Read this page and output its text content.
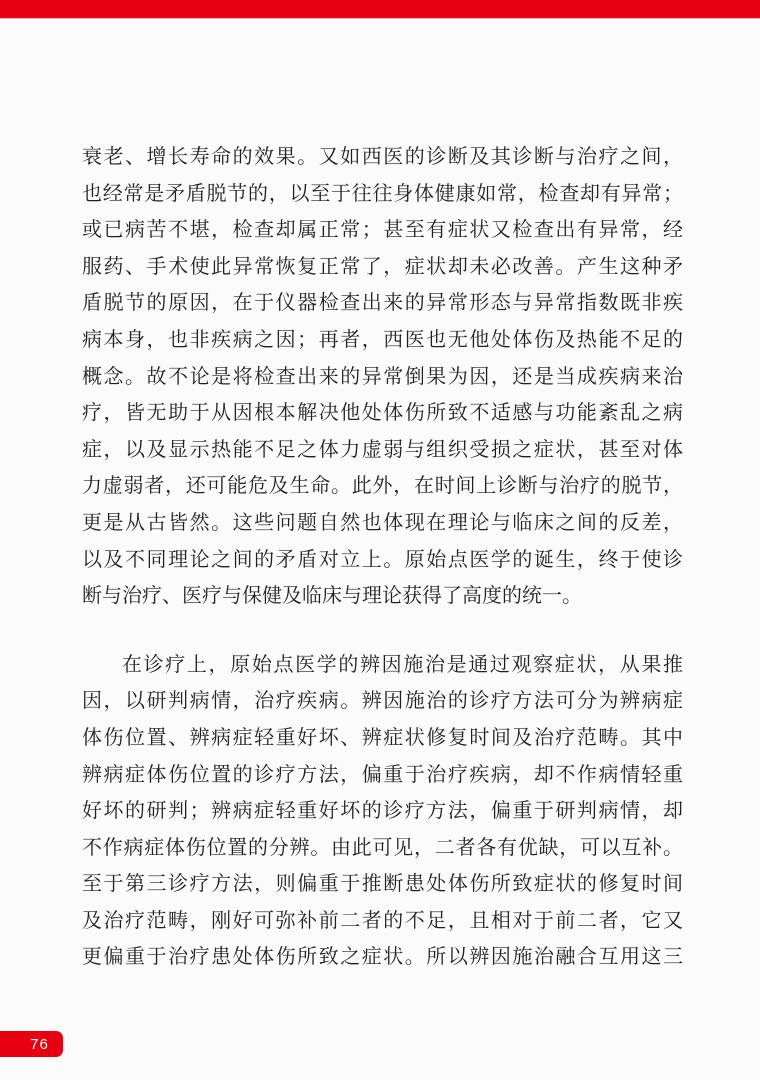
衰老、增长寿命的效果。又如西医的诊断及其诊断与治疗之间，
也经常是矛盾脱节的，以至于往往身体健康如常，检查却有异常；
或已病苦不堪，检查却属正常；甚至有症状又检查出有异常，经
服药、手术使此异常恢复正常了，症状却未必改善。产生这种矛
盾脱节的原因，在于仪器检查出来的异常形态与异常指数既非疾
病本身，也非疾病之因；再者，西医也无他处体伤及热能不足的
概念。故不论是将检查出来的异常倒果为因，还是当成疾病来治
疗，皆无助于从因根本解决他处体伤所致不适感与功能紊乱之病
症，以及显示热能不足之体力虚弱与组织受损之症状，甚至对体
力虚弱者，还可能危及生命。此外，在时间上诊断与治疗的脱节，
更是从古皆然。这些问题自然也体现在理论与临床之间的反差，
以及不同理论之间的矛盾对立上。原始点医学的诞生，终于使诊
断与治疗、医疗与保健及临床与理论获得了高度的统一。
在诊疗上，原始点医学的辨因施治是通过观察症状，从果推
因，以研判病情，治疗疾病。辨因施治的诊疗方法可分为辨病症
体伤位置、辨病症轻重好坏、辨症状修复时间及治疗范畴。其中
辨病症体伤位置的诊疗方法，偏重于治疗疾病，却不作病情轻重
好坏的研判；辨病症轻重好坏的诊疗方法，偏重于研判病情，却
不作病症体伤位置的分辨。由此可见，二者各有优缺，可以互补。
至于第三诊疗方法，则偏重于推断患处体伤所致症状的修复时间
及治疗范畴，刚好可弥补前二者的不足，且相对于前二者，它又
更偏重于治疗患处体伤所致之症状。所以辨因施治融合互用这三
76
